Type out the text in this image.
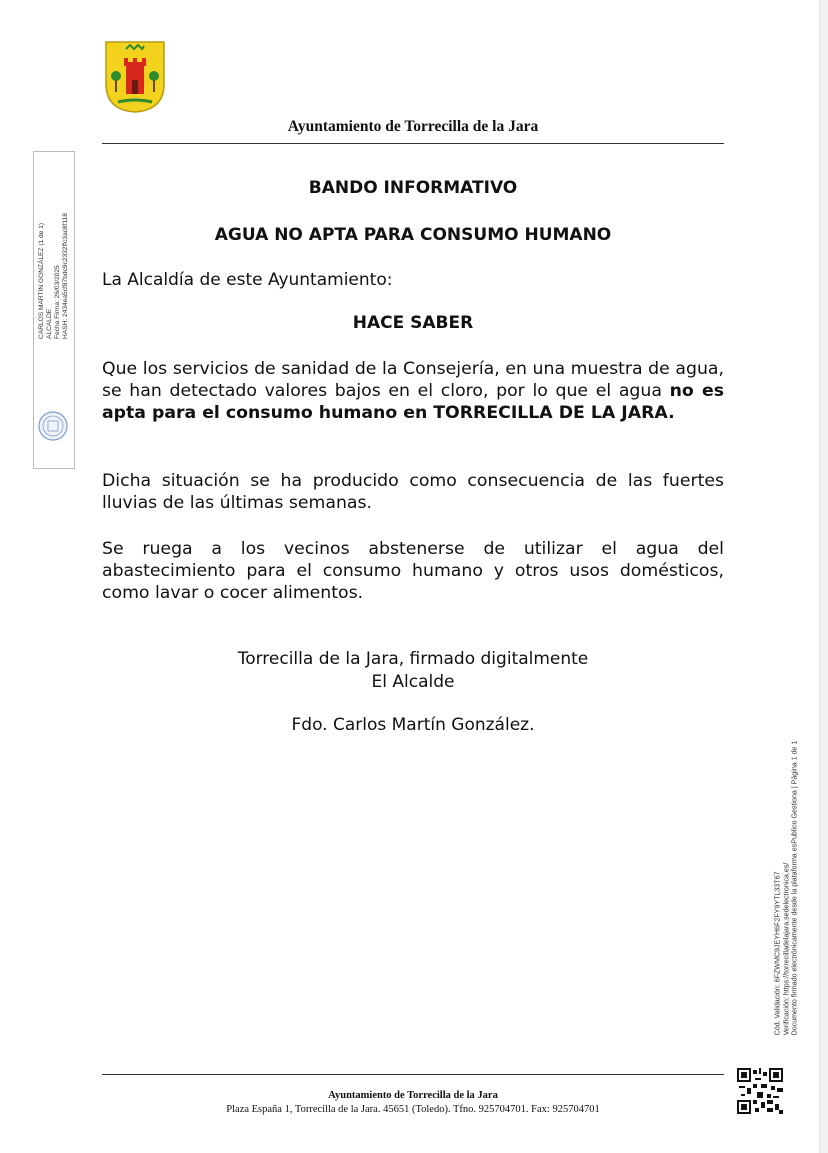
Ayuntamiento de Torrecilla de la Jara
CARLOS MARTIN GONZÁLEZ (1 de 1) ALCALDE Fecha Firma: 26/03/2025 HASH: 2434ea5cf87bdc9c2332ffc3ac8f118
BANDO INFORMATIVO
AGUA NO APTA PARA CONSUMO HUMANO
La Alcaldía de este Ayuntamiento:
HACE SABER
Que los servicios de sanidad de la Consejería, en una muestra de agua, se han detectado valores bajos en el cloro, por lo que el agua no es apta para el consumo humano en TORRECILLA DE LA JARA.
Dicha situación se ha producido como consecuencia de las fuertes lluvias de las últimas semanas.
Se ruega a los vecinos abstenerse de utilizar el agua del abastecimiento para el consumo humano y otros usos domésticos, como lavar o cocer alimentos.
Torrecilla de la Jara, firmado digitalmente
El Alcalde
Fdo. Carlos Martín González.
Cód. Validación: 6FZWMC9JEYH6F2FY9YTL33T67 Verificación: https://torrecilladelajara.sedelectronica.es/ Documento firmado electrónicamente desde la plataforma esPublico Gestiona | Página 1 de 1
Ayuntamiento de Torrecilla de la Jara
Plaza España 1, Torrecilla de la Jara. 45651 (Toledo). Tfno. 925704701. Fax: 925704701
